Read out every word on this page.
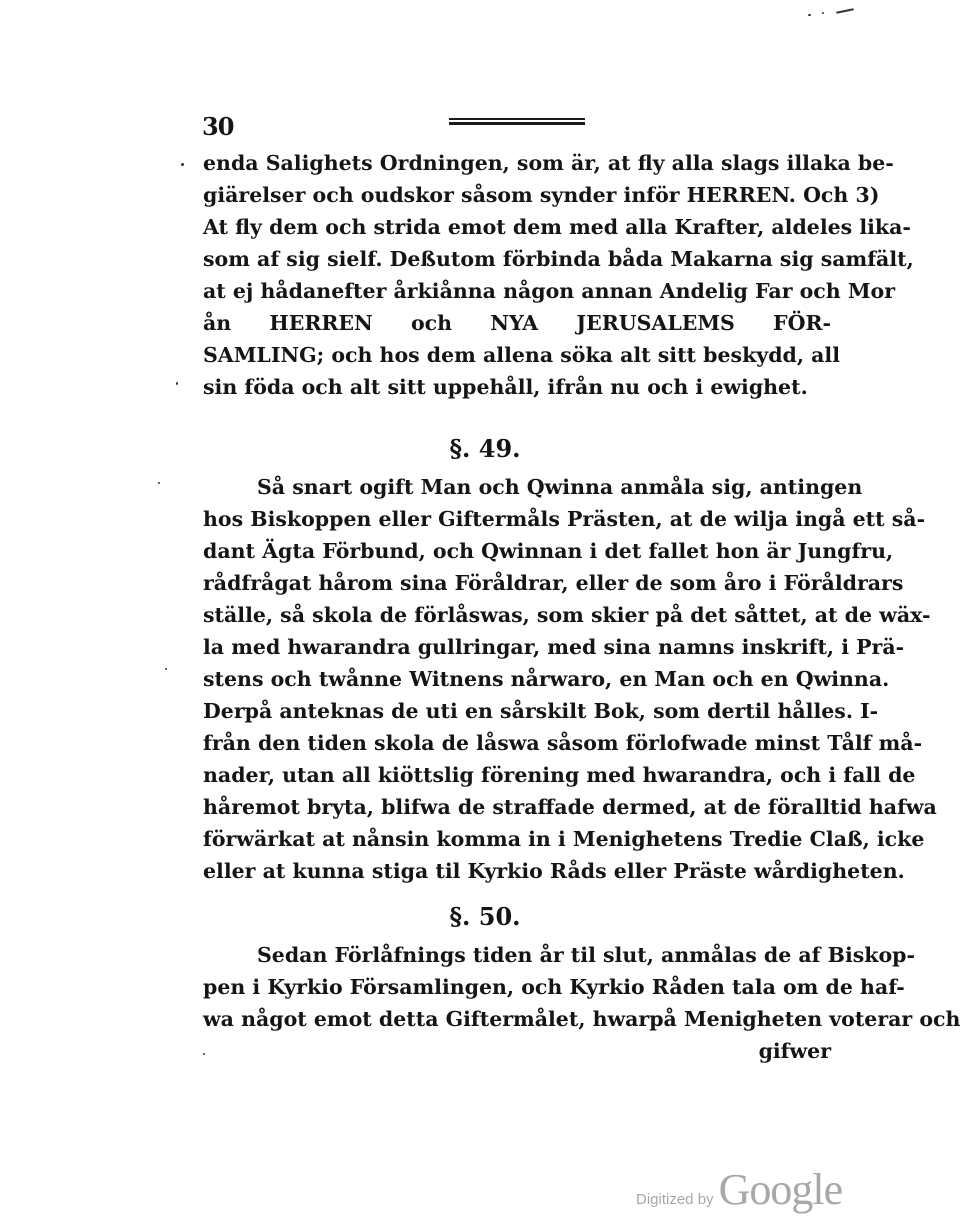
30
enda Salighets Ordningen, som är, at fly alla slags illaka be-
giärelser och oudskor såsom synder inför HERREN. Och 3)
At fly dem och strida emot dem med alla Krafter, aldeles lika-
som af sig sielf. Deßutom förbinda båda Makarna sig samfält,
at ej hådanefter årkiånna någon annan Andelig Far och Mor
ån HERREN och NYA JERUSALEMS FÖR-
SAMLING; och hos dem allena söka alt sitt beskydd, all
sin föda och alt sitt uppehåll, ifrån nu och i ewighet.
§. 49.
Så snart ogift Man och Qwinna anmåla sig, antingen
hos Biskoppen eller Giftermåls Prästen, at de wilja ingå ett så-
dant Ägta Förbund, och Qwinnan i det fallet hon är Jungfru,
rådfrågat hårom sina Föråldrar, eller de som åro i Föråldrars
ställe, så skola de förlåswas, som skier på det såttet, at de wäx-
la med hwarandra gullringar, med sina namns inskrift, i Prä-
stens och twånne Witnens nårwaro, en Man och en Qwinna.
Derpå anteknas de uti en sårskilt Bok, som dertil hålles. I-
från den tiden skola de låswa såsom förlofwade minst Tålf må-
nader, utan all kiöttslig förening med hwarandra, och i fall de
håremot bryta, blifwa de straffade dermed, at de föralltid hafwa
förwärkat at nånsin komma in i Menighetens Tredie Claß, icke
eller at kunna stiga til Kyrkio Råds eller Präste wårdigheten.
§. 50.
Sedan Förlåfnings tiden år til slut, anmålas de af Biskop-
pen i Kyrkio Församlingen, och Kyrkio Råden tala om de haf-
wa något emot detta Giftermålet, hwarpå Menigheten voterar och
gifwer
Digitized by Google
